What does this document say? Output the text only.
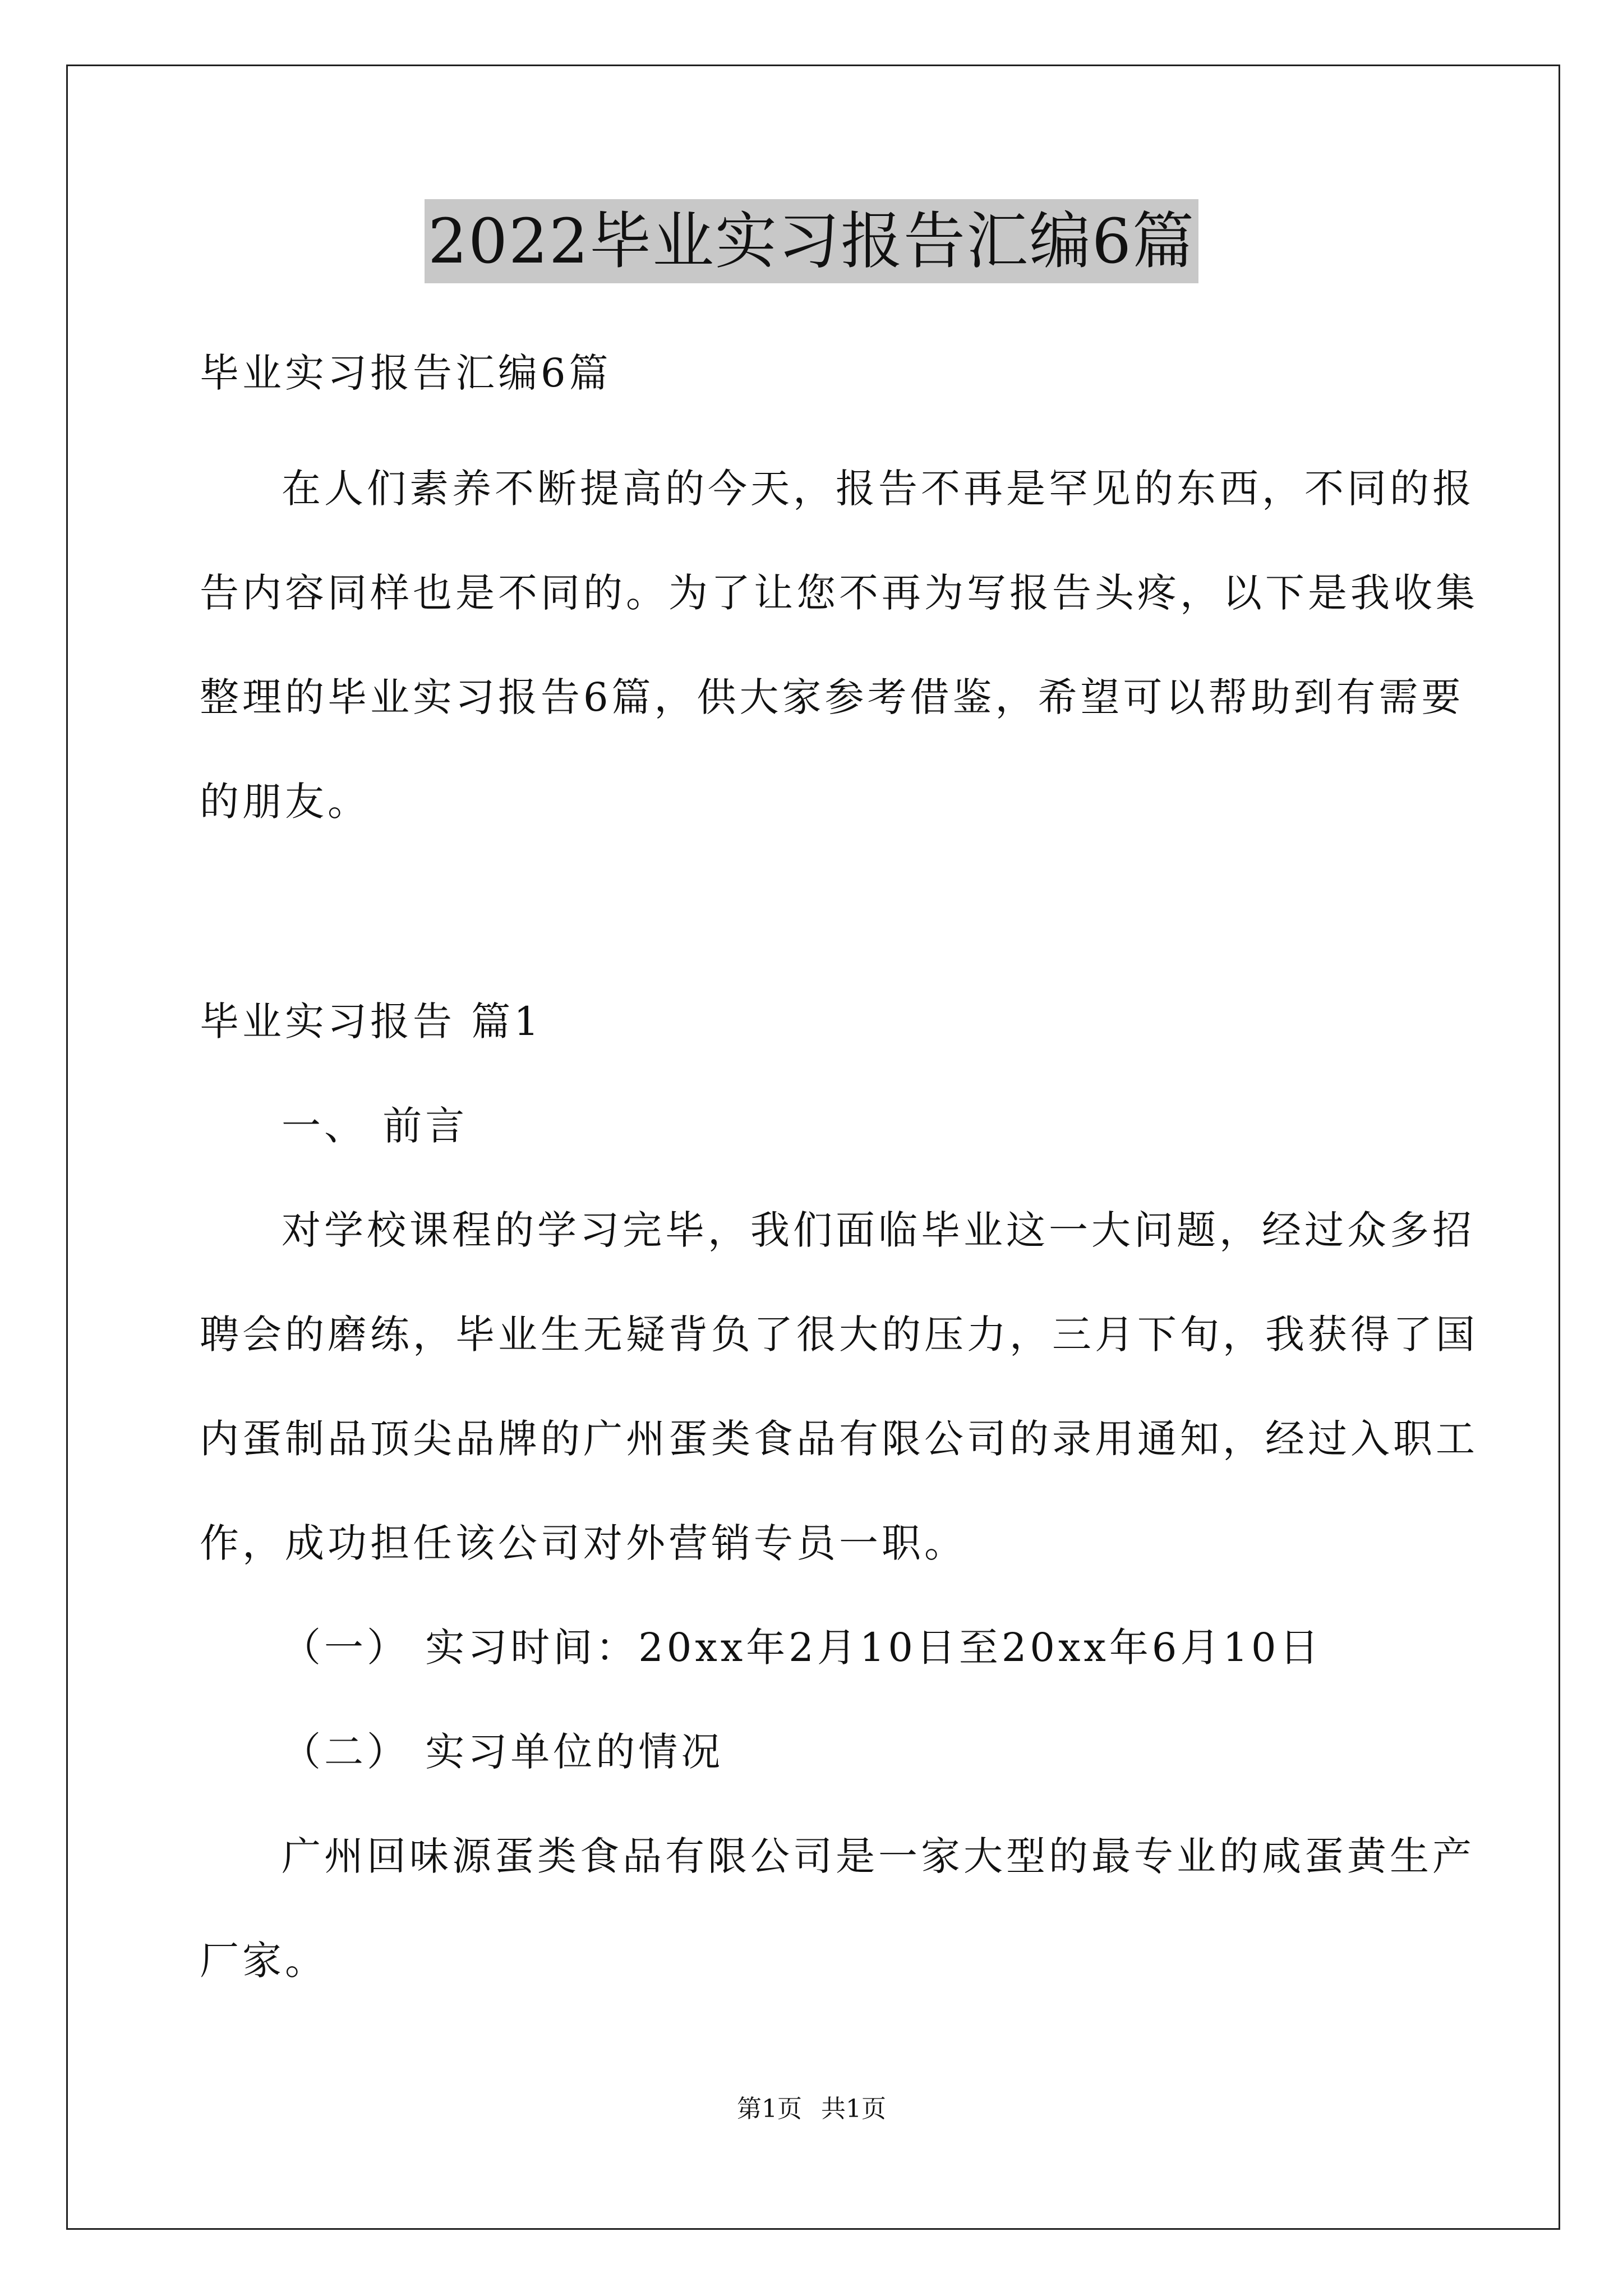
2022毕业实习报告汇编6篇
毕业实习报告汇编6篇
在人们素养不断提高的今天，报告不再是罕见的东西，不同的报
告内容同样也是不同的。为了让您不再为写报告头疼，以下是我收集
整理的毕业实习报告6篇，供大家参考借鉴，希望可以帮助到有需要
的朋友。
毕业实习报告 篇1
一、 前言
对学校课程的学习完毕，我们面临毕业这一大问题，经过众多招
聘会的磨练，毕业生无疑背负了很大的压力，三月下旬，我获得了国
内蛋制品顶尖品牌的广州蛋类食品有限公司的录用通知，经过入职工
作，成功担任该公司对外营销专员一职。
（一） 实习时间：20xx年2月10日至20xx年6月10日
（二） 实习单位的情况
广州回味源蛋类食品有限公司是一家大型的最专业的咸蛋黄生产
厂家。
第1页 共1页
